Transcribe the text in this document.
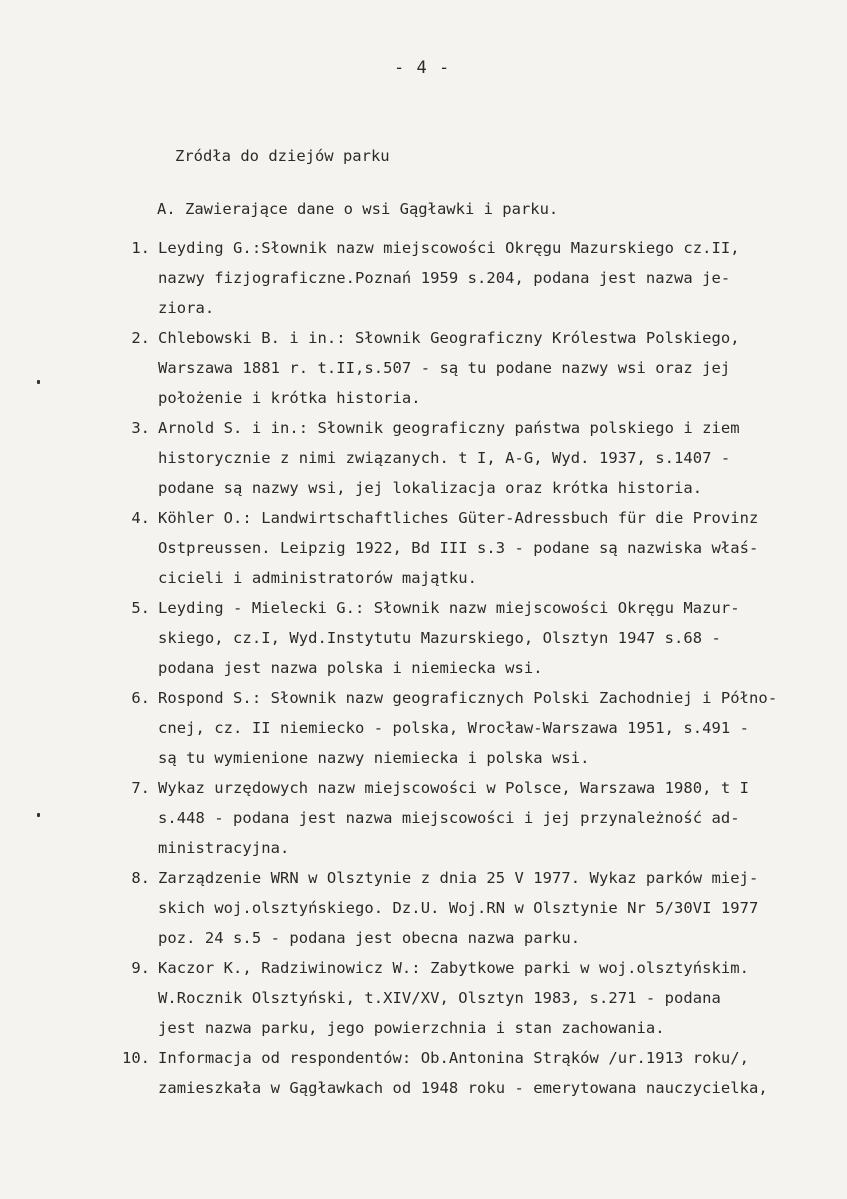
- 4 -
Zródła do dziejów parku
A. Zawierające dane o wsi Gągławki i parku.
1. Leyding G.:Słownik nazw miejscowości Okręgu Mazurskiego cz.II,
nazwy fizjograficzne.Poznań 1959 s.204, podana jest nazwa je-
ziora.
2. Chlebowski B. i in.: Słownik Geograficzny Królestwa Polskiego,
Warszawa 1881 r. t.II,s.507 - są tu podane nazwy wsi oraz jej
położenie i krótka historia.
3. Arnold S. i in.: Słownik geograficzny państwa polskiego i ziem
historycznie z nimi związanych. t I, A-G, Wyd. 1937, s.1407 -
podane są nazwy wsi, jej lokalizacja oraz krótka historia.
4. Köhler O.: Landwirtschaftliches Güter-Adressbuch für die Provinz
Ostpreussen. Leipzig 1922, Bd III s.3 - podane są nazwiska właś-
cicieli i administratorów majątku.
5. Leyding - Mielecki G.: Słownik nazw miejscowości Okręgu Mazur-
skiego, cz.I, Wyd.Instytutu Mazurskiego, Olsztyn 1947 s.68 -
podana jest nazwa polska i niemiecka wsi.
6. Rospond S.: Słownik nazw geograficznych Polski Zachodniej i Półno-
cnej, cz. II niemiecko - polska, Wrocław-Warszawa 1951, s.491 -
są tu wymienione nazwy niemiecka i polska wsi.
7. Wykaz urzędowych nazw miejscowości w Polsce, Warszawa 1980, t I
s.448 - podana jest nazwa miejscowości i jej przynależność ad-
ministracyjna.
8. Zarządzenie WRN w Olsztynie z dnia 25 V 1977. Wykaz parków miej-
skich woj.olsztyńskiego. Dz.U. Woj.RN w Olsztynie Nr 5/30VI 1977
poz. 24 s.5 - podana jest obecna nazwa parku.
9. Kaczor K., Radziwinowicz W.: Zabytkowe parki w woj.olsztyńskim.
W.Rocznik Olsztyński, t.XIV/XV, Olsztyn 1983, s.271 - podana
jest nazwa parku, jego powierzchnia i stan zachowania.
10. Informacja od respondentów: Ob.Antonina Strąków /ur.1913 roku/,
zamieszkała w Gągławkach od 1948 roku - emerytowana nauczycielka,
